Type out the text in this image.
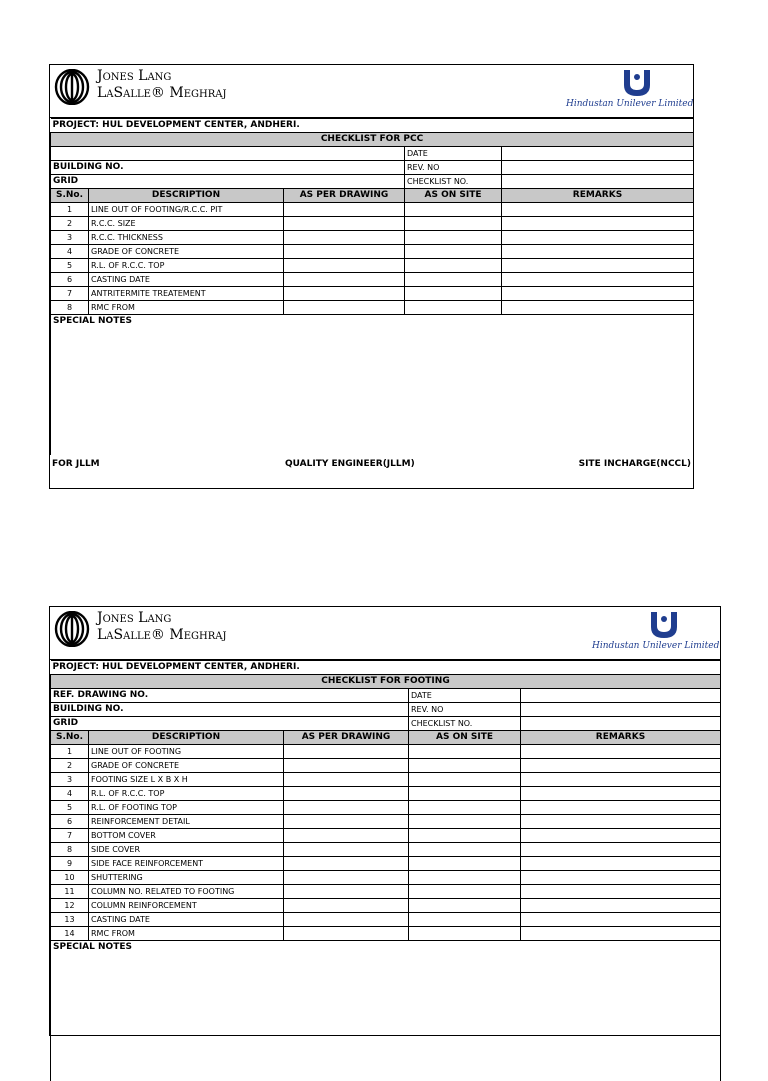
Jones Lang
LaSalle® Meghraj
Hindustan Unilever Limited
PROJECT: HUL DEVELOPMENT CENTER, ANDHERI.				
CHECKLIST FOR PCC				
			DATE	
BUILDING NO.			REV. NO	
GRID			CHECKLIST NO.	
S.No.	DESCRIPTION	AS PER DRAWING	AS ON SITE	REMARKS
1	LINE OUT OF FOOTING/R.C.C. PIT			
2	R.C.C. SIZE			
3	R.C.C. THICKNESS			
4	GRADE OF CONCRETE			
5	R.L. OF R.C.C. TOP			
6	CASTING DATE			
7	ANTRITERMITE TREATEMENT			
8	RMC FROM			
SPECIAL NOTES				
FOR JLLM	QUALITY ENGINEER(JLLM)	SITE INCHARGE(NCCL)
Jones Lang
LaSalle® Meghraj
Hindustan Unilever Limited
PROJECT: HUL DEVELOPMENT CENTER, ANDHERI.				
CHECKLIST FOR FOOTING				
REF. DRAWING NO.			DATE	
BUILDING NO.			REV. NO	
GRID			CHECKLIST NO.	
S.No.	DESCRIPTION	AS PER DRAWING	AS ON SITE	REMARKS
1	LINE OUT OF FOOTING			
2	GRADE OF CONCRETE			
3	FOOTING SIZE L X B X H			
4	R.L. OF R.C.C. TOP			
5	R.L. OF FOOTING TOP			
6	REINFORCEMENT DETAIL			
7	BOTTOM COVER			
8	SIDE COVER			
9	SIDE FACE REINFORCEMENT			
10	SHUTTERING			
11	COLUMN NO. RELATED TO FOOTING			
12	COLUMN REINFORCEMENT			
13	CASTING DATE			
14	RMC FROM			
SPECIAL NOTES				
